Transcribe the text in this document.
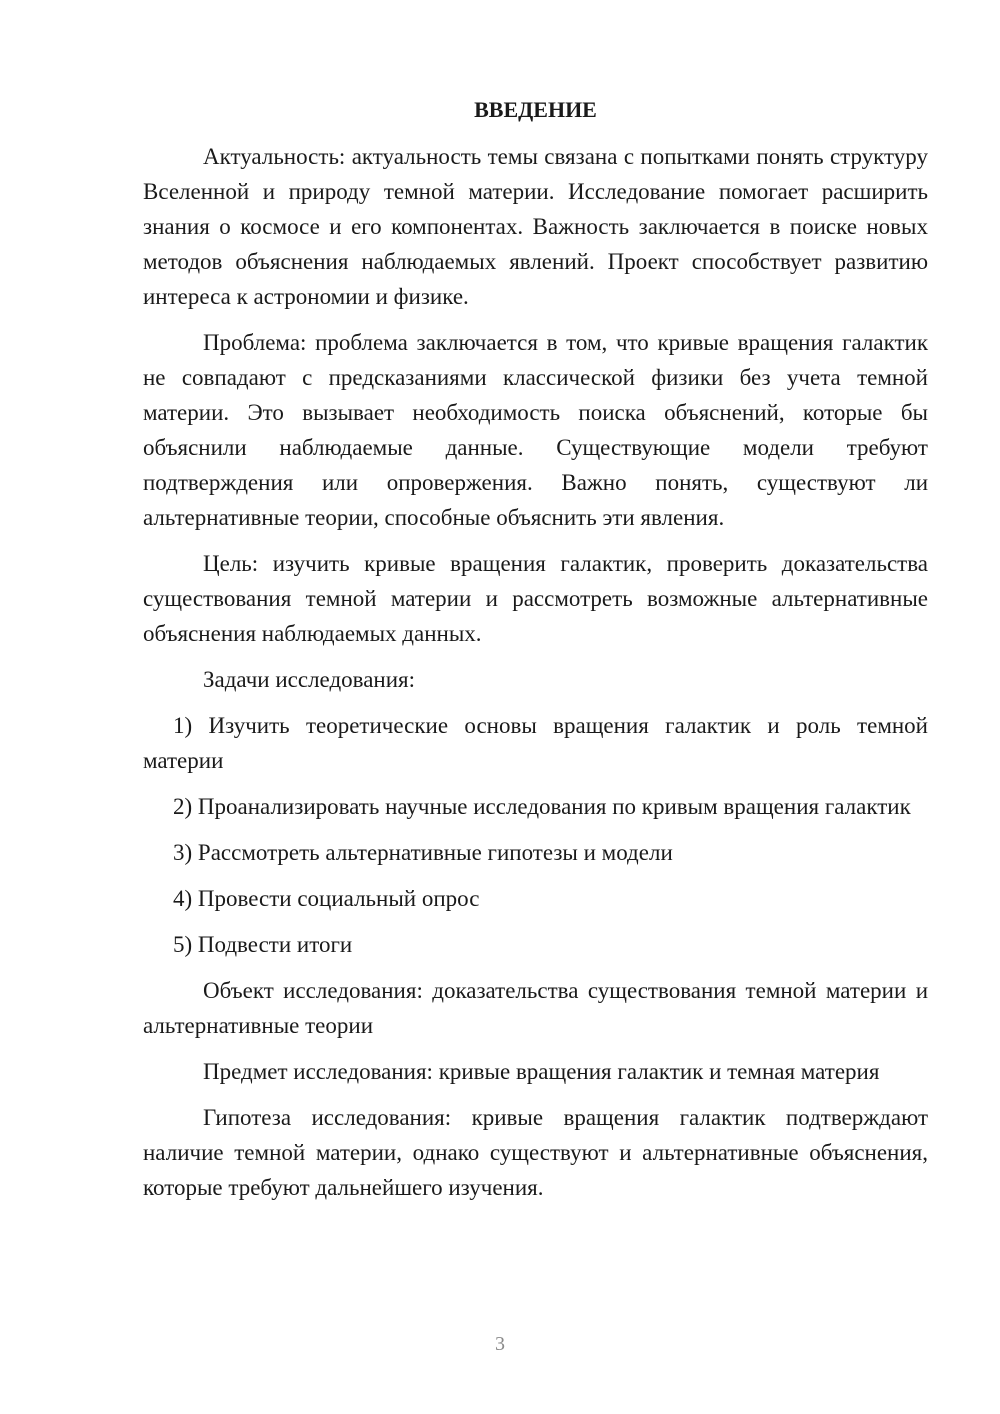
ВВЕДЕНИЕ

Актуальность: актуальность темы связана с попытками понять структуру Вселенной и природу темной материи. Исследование помогает расширить знания о космосе и его компонентах. Важность заключается в поиске новых методов объяснения наблюдаемых явлений. Проект способствует развитию интереса к астрономии и физике.

Проблема: проблема заключается в том, что кривые вращения галактик не совпадают с предсказаниями классической физики без учета темной материи. Это вызывает необходимость поиска объяснений, которые бы объяснили наблюдаемые данные. Существующие модели требуют подтверждения или опровержения. Важно понять, существуют ли альтернативные теории, способные объяснить эти явления.

Цель: изучить кривые вращения галактик, проверить доказательства существования темной материи и рассмотреть возможные альтернативные объяснения наблюдаемых данных.

Задачи исследования:

1) Изучить теоретические основы вращения галактик и роль темной материи

2) Проанализировать научные исследования по кривым вращения галактик

3) Рассмотреть альтернативные гипотезы и модели

4) Провести социальный опрос

5) Подвести итоги

Объект исследования: доказательства существования темной материи и альтернативные теории

Предмет исследования: кривые вращения галактик и темная материя

Гипотеза исследования: кривые вращения галактик подтверждают наличие темной материи, однако существуют и альтернативные объяснения, которые требуют дальнейшего изучения.

3
